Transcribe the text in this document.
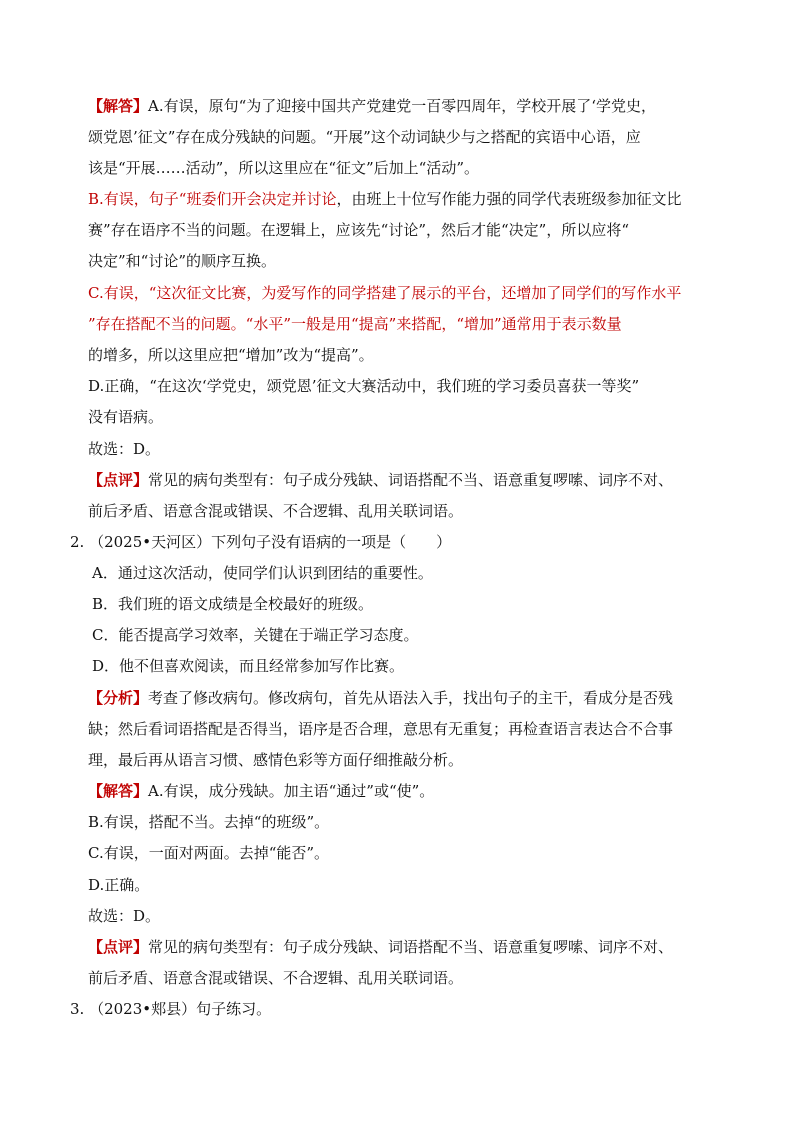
【解答】A.有误，原句“为了迎接中国共产党建党一百零四周年，学校开展了‘学党史，
颂党恩’征文”存在成分残缺的问题。“开展”这个动词缺少与之搭配的宾语中心语，应
该是“开展……活动”，所以这里应在“征文”后加上“活动”。
B.有误，句子“班委们开会决定并讨论，由班上十位写作能力强的同学代表班级参加征文比
赛”存在语序不当的问题。在逻辑上，应该先“讨论”，然后才能“决定”，所以应将“
决定”和“讨论”的顺序互换。
C.有误，“这次征文比赛，为爱写作的同学搭建了展示的平台，还增加了同学们的写作水平
”存在搭配不当的问题。“水平”一般是用“提高”来搭配，“增加”通常用于表示数量
的增多，所以这里应把“增加”改为“提高”。
D.正确，“在这次‘学党史，颂党恩’征文大赛活动中，我们班的学习委员喜获一等奖”
没有语病。
故选：D。
【点评】常见的病句类型有：句子成分残缺、词语搭配不当、语意重复啰嗦、词序不对、
前后矛盾、语意含混或错误、不合逻辑、乱用关联词语。
2. （2025•天河区）下列句子没有语病的一项是（　　）
A．通过这次活动，使同学们认识到团结的重要性。
B．我们班的语文成绩是全校最好的班级。
C．能否提高学习效率，关键在于端正学习态度。
D．他不但喜欢阅读，而且经常参加写作比赛。
【分析】考查了修改病句。修改病句，首先从语法入手，找出句子的主干，看成分是否残
缺；然后看词语搭配是否得当，语序是否合理，意思有无重复；再检查语言表达合不合事
理，最后再从语言习惯、感情色彩等方面仔细推敲分析。
【解答】A.有误，成分残缺。加主语“通过”或“使”。
B.有误，搭配不当。去掉“的班级”。
C.有误，一面对两面。去掉“能否”。
D.正确。
故选：D。
【点评】常见的病句类型有：句子成分残缺、词语搭配不当、语意重复啰嗦、词序不对、
前后矛盾、语意含混或错误、不合逻辑、乱用关联词语。
3. （2023•郏县）句子练习。
